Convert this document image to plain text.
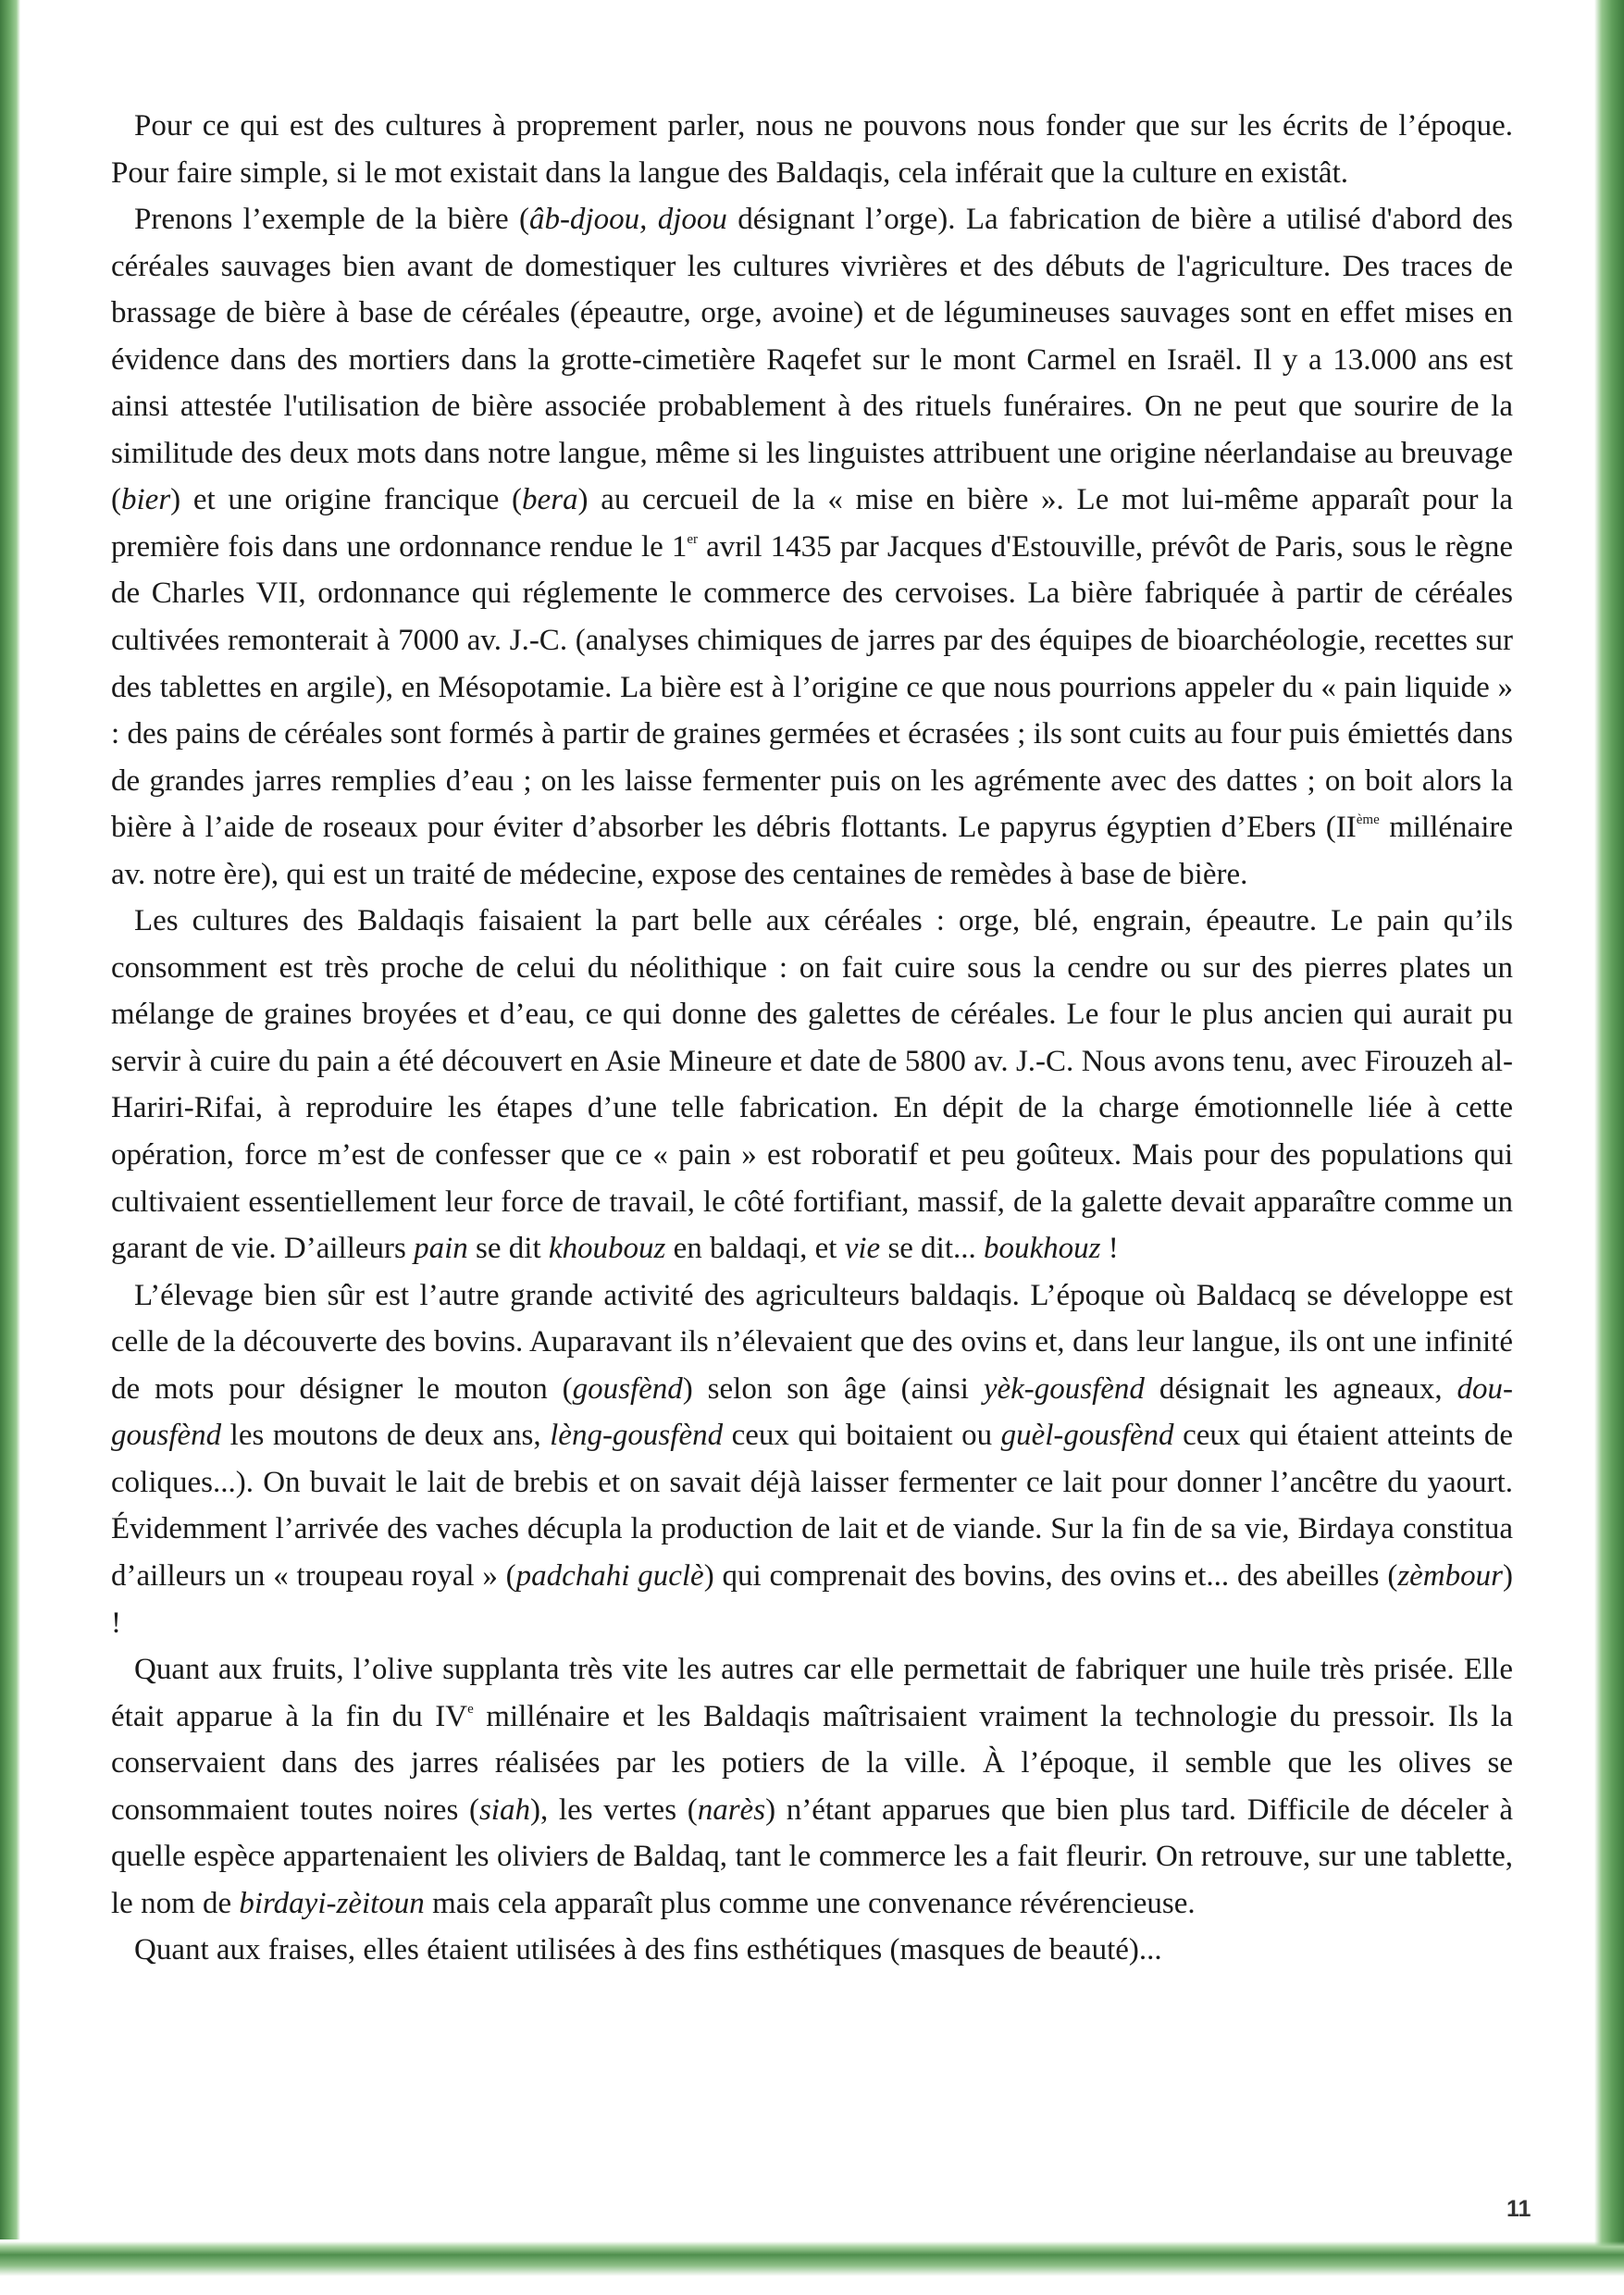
Pour ce qui est des cultures à proprement parler, nous ne pouvons nous fonder que sur les écrits de l’époque. Pour faire simple, si le mot existait dans la langue des Baldaqis, cela inférait que la culture en existât.

Prenons l’exemple de la bière (âb-djoou, djoou désignant l’orge). La fabrication de bière a utilisé d'abord des céréales sauvages bien avant de domestiquer les cultures vivrières et des débuts de l'agriculture. Des traces de brassage de bière à base de céréales (épeautre, orge, avoine) et de légumineuses sauvages sont en effet mises en évidence dans des mortiers dans la grotte-cimetière Raqefet sur le mont Carmel en Israël. Il y a 13.000 ans est ainsi attestée l'utilisation de bière associée probablement à des rituels funéraires. On ne peut que sourire de la similitude des deux mots dans notre langue, même si les linguistes attribuent une origine néerlandaise au breuvage (bier) et une origine francique (bera) au cercueil de la « mise en bière ». Le mot lui-même apparaît pour la première fois dans une ordonnance rendue le 1er avril 1435 par Jacques d'Estouville, prévôt de Paris, sous le règne de Charles VII, ordonnance qui réglemente le commerce des cervoises. La bière fabriquée à partir de céréales cultivées remonterait à 7000 av. J.-C. (analyses chimiques de jarres par des équipes de bioarchéologie, recettes sur des tablettes en argile), en Mésopotamie. La bière est à l’origine ce que nous pourrions appeler du « pain liquide » : des pains de céréales sont formés à partir de graines germées et écrasées ; ils sont cuits au four puis émiettés dans de grandes jarres remplies d’eau ; on les laisse fermenter puis on les agrémente avec des dattes ; on boit alors la bière à l’aide de roseaux pour éviter d’absorber les débris flottants. Le papyrus égyptien d’Ebers (IIème millénaire av. notre ère), qui est un traité de médecine, expose des centaines de remèdes à base de bière.

Les cultures des Baldaqis faisaient la part belle aux céréales : orge, blé, engrain, épeautre. Le pain qu’ils consomment est très proche de celui du néolithique : on fait cuire sous la cendre ou sur des pierres plates un mélange de graines broyées et d’eau, ce qui donne des galettes de céréales. Le four le plus ancien qui aurait pu servir à cuire du pain a été découvert en Asie Mineure et date de 5800 av. J.-C. Nous avons tenu, avec Firouzeh al-Hariri-Rifai, à reproduire les étapes d’une telle fabrication. En dépit de la charge émotionnelle liée à cette opération, force m’est de confesser que ce « pain » est roboratif et peu goûteux. Mais pour des populations qui cultivaient essentiellement leur force de travail, le côté fortifiant, massif, de la galette devait apparaître comme un garant de vie. D’ailleurs pain se dit khoubouz en baldaqi, et vie se dit... boukhouz !

L’élevage bien sûr est l’autre grande activité des agriculteurs baldaqis. L’époque où Baldacq se développe est celle de la découverte des bovins. Auparavant ils n’élevaient que des ovins et, dans leur langue, ils ont une infinité de mots pour désigner le mouton (gousfènd) selon son âge (ainsi yèk-gousfènd désignait les agneaux, dou-gousfènd les moutons de deux ans, lèng-gousfènd ceux qui boitaient ou guèl-gousfènd ceux qui étaient atteints de coliques...). On buvait le lait de brebis et on savait déjà laisser fermenter ce lait pour donner l’ancêtre du yaourt. Évidemment l’arrivée des vaches décupla la production de lait et de viande. Sur la fin de sa vie, Birdaya constitua d’ailleurs un « troupeau royal » (padchahi guclè) qui comprenait des bovins, des ovins et... des abeilles (zèmbour) !

Quant aux fruits, l’olive supplanta très vite les autres car elle permettait de fabriquer une huile très prisée. Elle était apparue à la fin du IVe millénaire et les Baldaqis maîtrisaient vraiment la technologie du pressoir. Ils la conservaient dans des jarres réalisées par les potiers de la ville. À l’époque, il semble que les olives se consommaient toutes noires (siah), les vertes (narès) n’étant apparues que bien plus tard. Difficile de déceler à quelle espèce appartenaient les oliviers de Baldaq, tant le commerce les a fait fleurir. On retrouve, sur une tablette, le nom de birdayi-zèitoun mais cela apparaît plus comme une convenance révérencieuse.

Quant aux fraises, elles étaient utilisées à des fins esthétiques (masques de beauté)...

11
